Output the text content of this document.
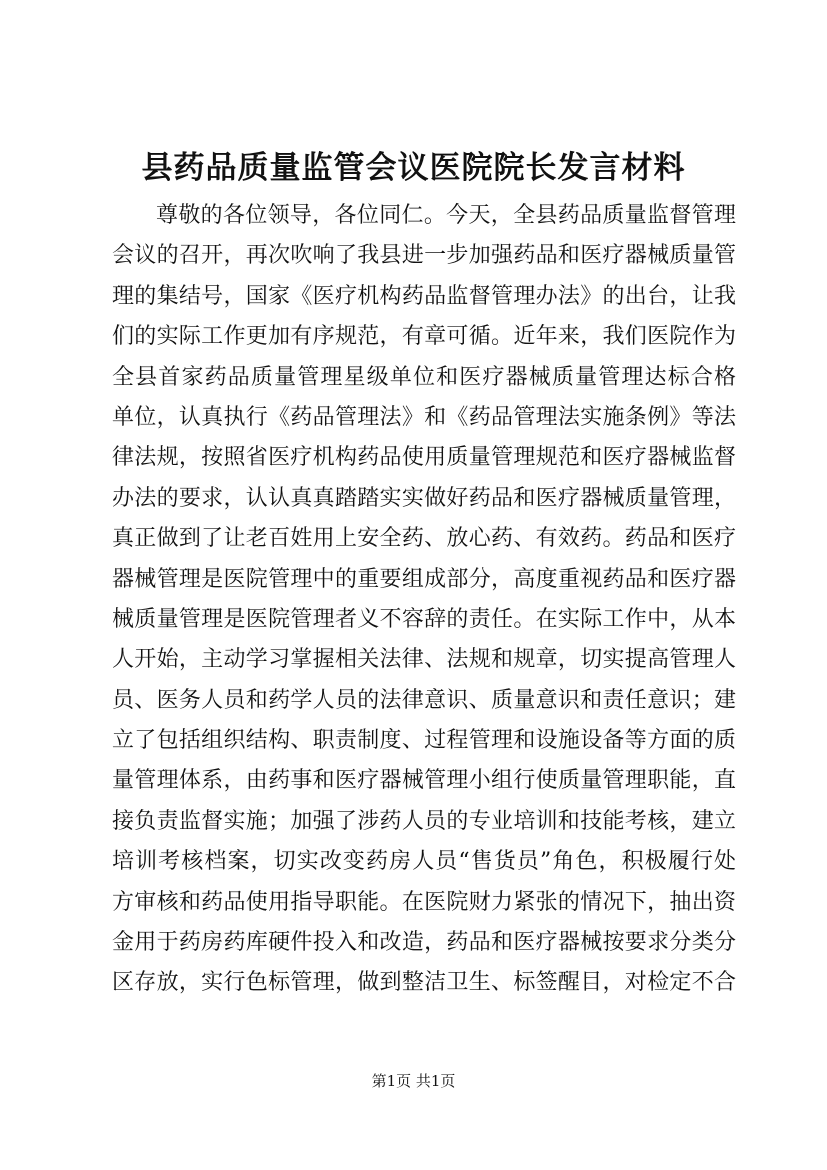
县药品质量监管会议医院院长发言材料
尊敬的各位领导，各位同仁。今天，全县药品质量监督管理
会议的召开，再次吹响了我县进一步加强药品和医疗器械质量管
理的集结号，国家《医疗机构药品监督管理办法》的出台，让我
们的实际工作更加有序规范，有章可循。近年来，我们医院作为
全县首家药品质量管理星级单位和医疗器械质量管理达标合格
单位，认真执行《药品管理法》和《药品管理法实施条例》等法
律法规，按照省医疗机构药品使用质量管理规范和医疗器械监督
办法的要求，认认真真踏踏实实做好药品和医疗器械质量管理，
真正做到了让老百姓用上安全药、放心药、有效药。药品和医疗
器械管理是医院管理中的重要组成部分，高度重视药品和医疗器
械质量管理是医院管理者义不容辞的责任。在实际工作中，从本
人开始，主动学习掌握相关法律、法规和规章，切实提高管理人
员、医务人员和药学人员的法律意识、质量意识和责任意识；建
立了包括组织结构、职责制度、过程管理和设施设备等方面的质
量管理体系，由药事和医疗器械管理小组行使质量管理职能，直
接负责监督实施；加强了涉药人员的专业培训和技能考核，建立
培训考核档案，切实改变药房人员“售货员”角色，积极履行处
方审核和药品使用指导职能。在医院财力紧张的情况下，抽出资
金用于药房药库硬件投入和改造，药品和医疗器械按要求分类分
区存放，实行色标管理，做到整洁卫生、标签醒目，对检定不合
第1页 共1页
